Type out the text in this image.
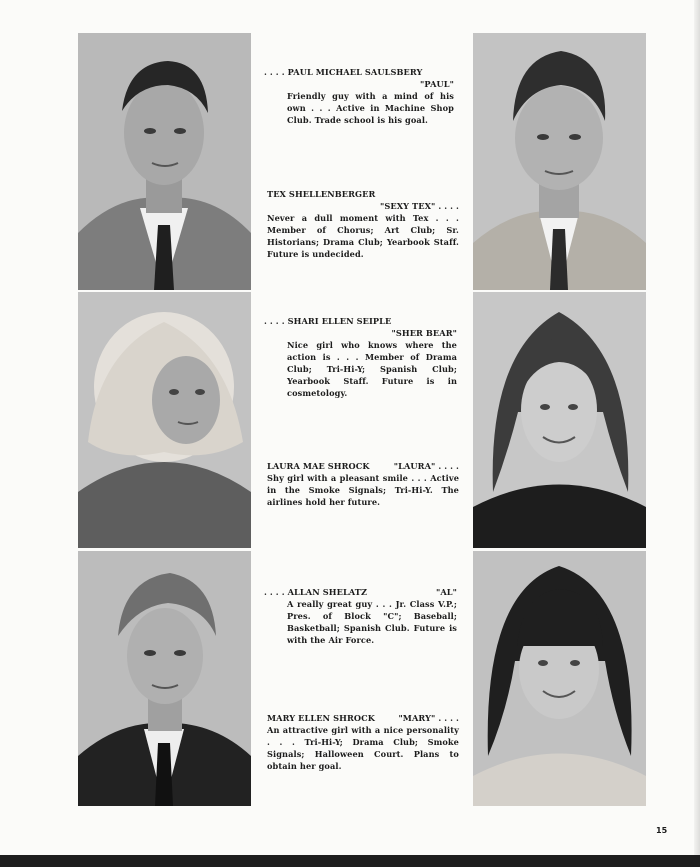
. . . . PAUL MICHAEL SAULSBERY
"PAUL"
Friendly guy with a mind of his own . . . Active in Machine Shop Club. Trade school is his goal.
TEX SHELLENBERGER
"SEXY TEX" . . . .
Never a dull moment with Tex . . . Member of Chorus; Art Club; Sr. Historians; Drama Club; Yearbook Staff. Future is undecided.
. . . . SHARI ELLEN SEIPLE
"SHER BEAR"
Nice girl who knows where the action is . . . Member of Drama Club; Tri-Hi-Y; Spanish Club; Yearbook Staff. Future is in cosmetology.
LAURA MAE SHROCK	"LAURA" . . . .
Shy girl with a pleasant smile . . . Active in the Smoke Signals; Tri-Hi-Y. The airlines hold her future.
. . . . ALLAN SHELATZ	"AL"
A really great guy . . . Jr. Class V.P.; Pres. of Block "C"; Baseball; Basketball; Spanish Club. Future is with the Air Force.
MARY ELLEN SHROCK	"MARY" . . . .
An attractive girl with a nice personality . . . Tri-Hi-Y; Drama Club; Smoke Signals; Halloween Court. Plans to obtain her goal.
15
